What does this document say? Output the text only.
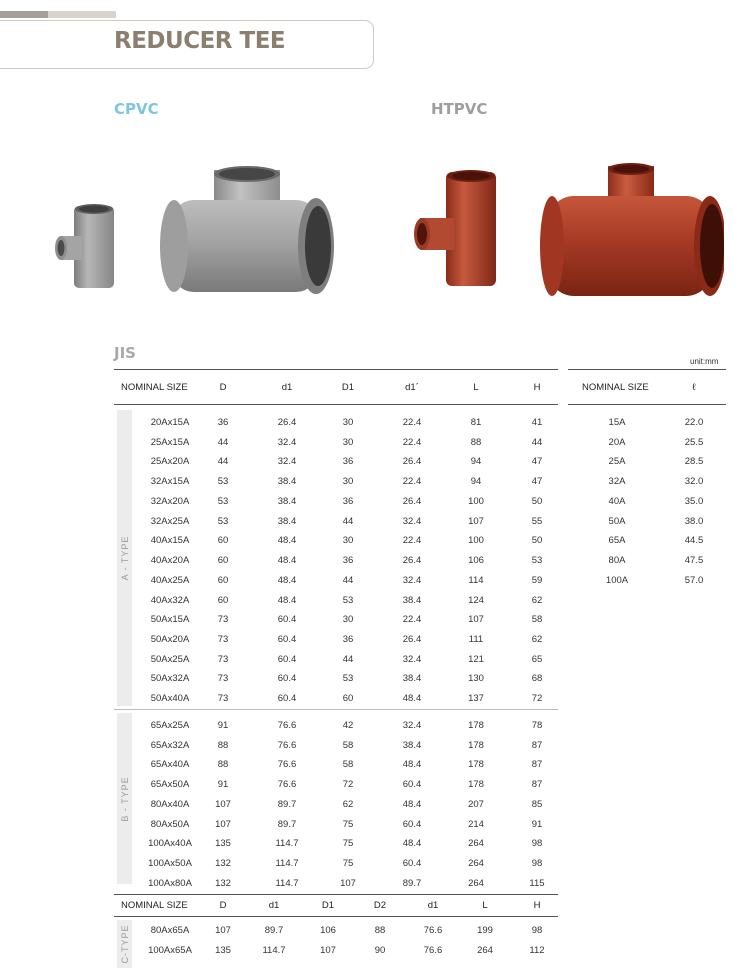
REDUCER TEE
CPVC	HTPVC
JIS	unit:mm
NOMINAL SIZE	D	d1	D1	d1´	L	H
A - TYPE
B - TYPE
20Ax15A	36	26.4	30	22.4	81	41
25Ax15A	44	32.4	30	22.4	88	44
25Ax20A	44	32.4	36	26.4	94	47
32Ax15A	53	38.4	30	22.4	94	47
32Ax20A	53	38.4	36	26.4	100	50
32Ax25A	53	38.4	44	32.4	107	55
40Ax15A	60	48.4	30	22.4	100	50
40Ax20A	60	48.4	36	26.4	106	53
40Ax25A	60	48.4	44	32.4	114	59
40Ax32A	60	48.4	53	38.4	124	62
50Ax15A	73	60.4	30	22.4	107	58
50Ax20A	73	60.4	36	26.4	111	62
50Ax25A	73	60.4	44	32.4	121	65
50Ax32A	73	60.4	53	38.4	130	68
50Ax40A	73	60.4	60	48.4	137	72
65Ax25A	91	76.6	42	32.4	178	78
65Ax32A	88	76.6	58	38.4	178	87
65Ax40A	88	76.6	58	48.4	178	87
65Ax50A	91	76.6	72	60.4	178	87
80Ax40A	107	89.7	62	48.4	207	85
80Ax50A	107	89.7	75	60.4	214	91
100Ax40A 135	114.7	75	48.4	264	98
100Ax50A 132	114.7	75	60.4	264	98
100Ax80A 132	114.7	107	89.7	264	115
NOMINAL SIZE	D	d1	D1	D2	d1	L	H
C-TYPE 80Ax65A	107	89.7	106	88	76.6	199	98
100Ax65A 135	114.7	107	90	76.6	264	112
NOMINAL SIZE	ℓ
15A	22.0
20A	25.5
25A	28.5
32A	32.0
40A	35.0
50A	38.0
65A	44.5
80A	47.5
100A	57.0
